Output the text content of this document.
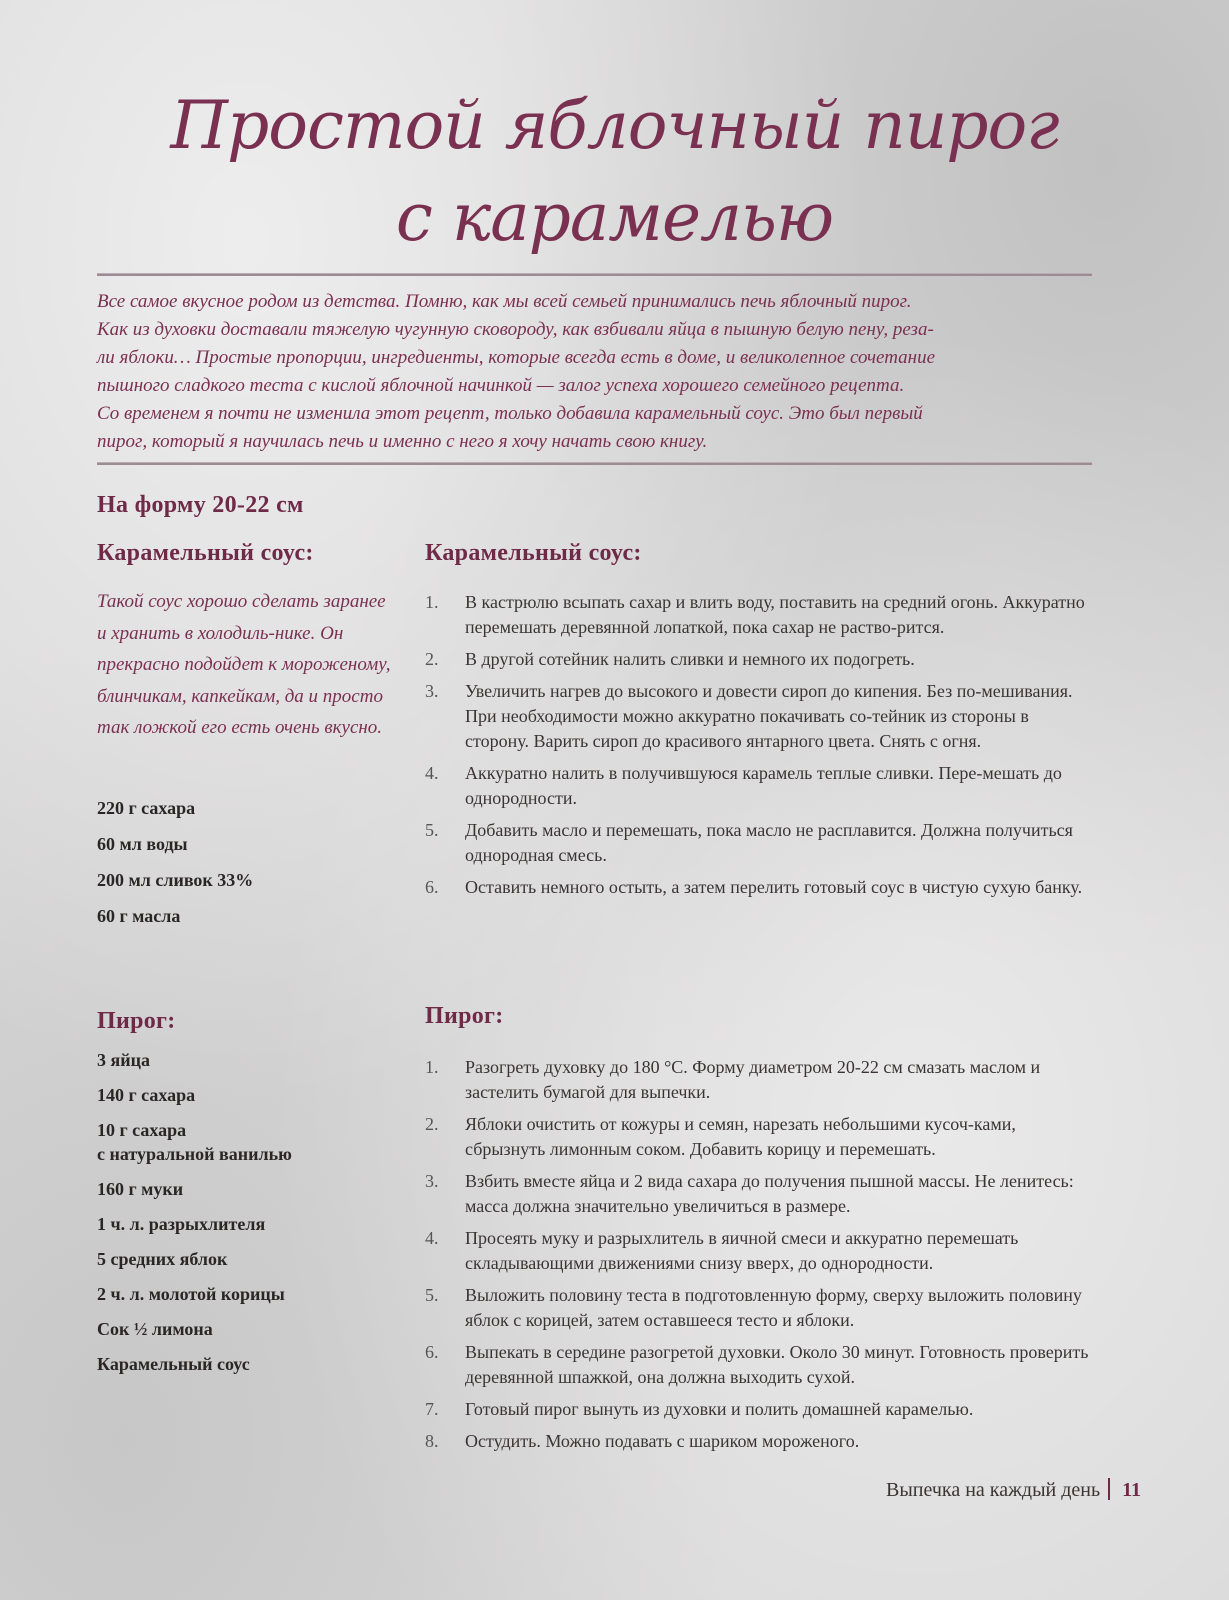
Простой яблочный пирог
с карамелью

Все самое вкусное родом из детства. Помню, как мы всей семьей принимались печь яблочный пирог.

Как из духовки доставали тяжелую чугунную сковороду, как взбивали яйца в пышную белую пену, реза-

ли яблоки… Простые пропорции, ингредиенты, которые всегда есть в доме, и великолепное сочетание

пышного сладкого теста с кислой яблочной начинкой — залог успеха хорошего семейного рецепта.

Со временем я почти не изменила этот рецепт, только добавила карамельный соус. Это был первый

пирог, который я научилась печь и именно с него я хочу начать свою книгу.

На форму 20-22 см
Карамельный соус:
Такой соус хорошо сделать заранее и хранить в холодиль-нике. Он прекрасно подойдет к мороженому, блинчикам, капкейкам, да и просто так ложкой его есть очень вкусно.
220 г сахара
60 мл воды
200 мл сливок 33%
60 г масла
Карамельный соус:
1.	В кастрюлю всыпать сахар и влить воду, поставить на средний огонь. Аккуратно перемешать деревянной лопаткой, пока сахар не раство-рится.
2.	В другой сотейник налить сливки и немного их подогреть.
3.	Увеличить нагрев до высокого и довести сироп до кипения. Без по-мешивания. При необходимости можно аккуратно покачивать со-тейник из стороны в сторону. Варить сироп до красивого янтарного цвета. Снять с огня.
4.	Аккуратно налить в получившуюся карамель теплые сливки. Пере-мешать до однородности.
5.	Добавить масло и перемешать, пока масло не расплавится. Должна получиться однородная смесь.
6.	Оставить немного остыть, а затем перелить готовый соус в чистую сухую банку.
Пирог:
3 яйца
140 г сахара
10 г сахара
с натуральной ванилью
160 г муки
1 ч. л. разрыхлителя
5 средних яблок
2 ч. л. молотой корицы
Сок ½ лимона
Карамельный соус
Пирог:
1.	Разогреть духовку до 180 °С. Форму диаметром 20-22 см смазать маслом и застелить бумагой для выпечки.
2.	Яблоки очистить от кожуры и семян, нарезать небольшими кусоч-ками, сбрызнуть лимонным соком. Добавить корицу и перемешать.
3.	Взбить вместе яйца и 2 вида сахара до получения пышной массы. Не ленитесь: масса должна значительно увеличиться в размере.
4.	Просеять муку и разрыхлитель в яичной смеси и аккуратно перемешать складывающими движениями снизу вверх, до однородности.
5.	Выложить половину теста в подготовленную форму, сверху выложить половину яблок с корицей, затем оставшееся тесто и яблоки.
6.	Выпекать в середине разогретой духовки. Около 30 минут. Готовность проверить деревянной шпажкой, она должна выходить сухой.
7.	Готовый пирог вынуть из духовки и полить домашней карамелью.
8.	Остудить. Можно подавать с шариком мороженого.
Выпечка на каждый день 11
